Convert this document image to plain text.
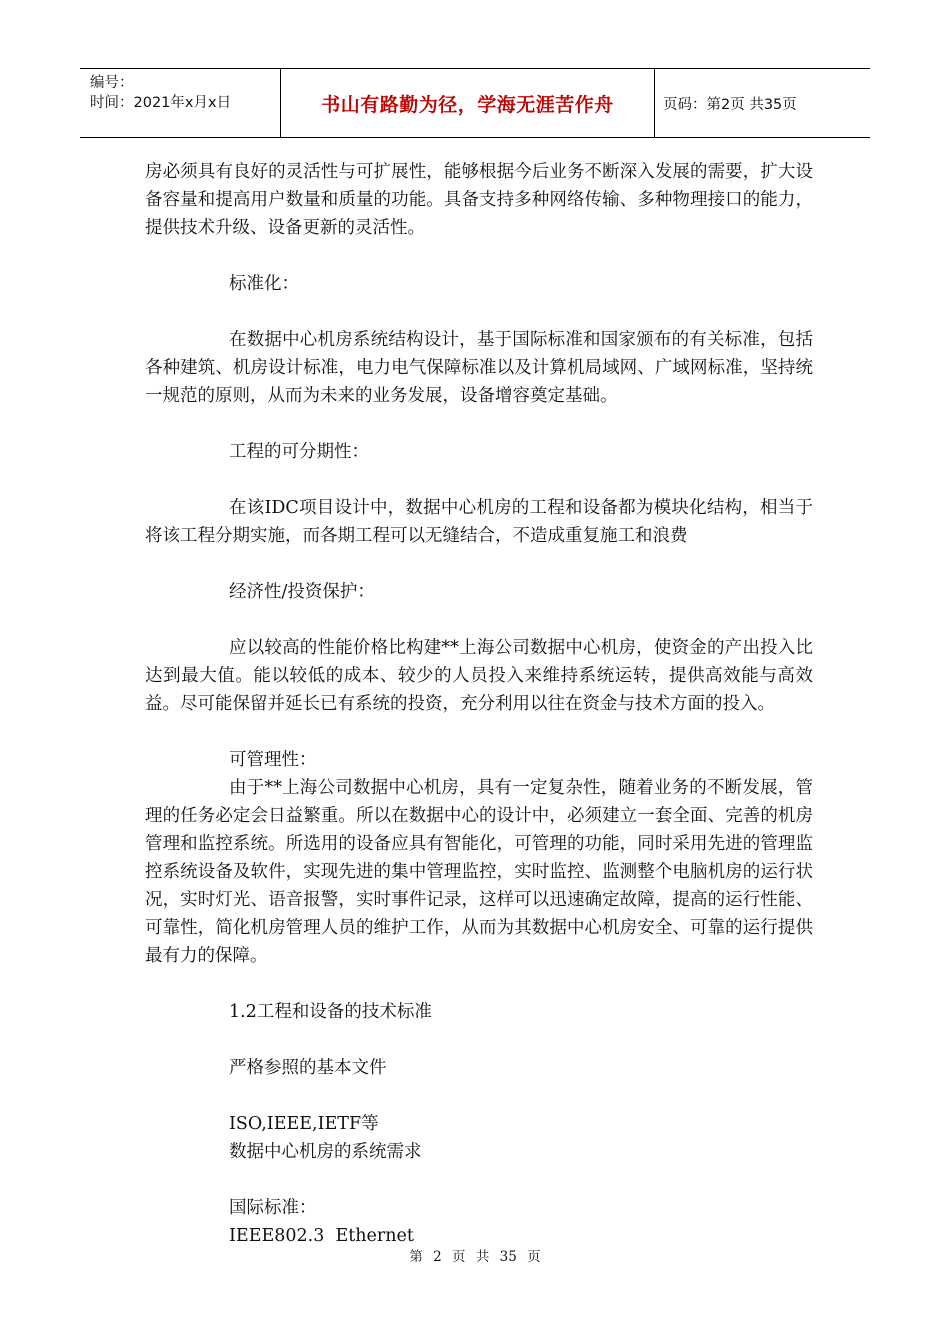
编号：
时间：2021年x月x日	书山有路勤为径，学海无涯苦作舟	页码：第2页 共35页

房必须具有良好的灵活性与可扩展性，能够根据今后业务不断深入发展的需要，扩大设备容量和提高用户数量和质量的功能。具备支持多种网络传输、多种物理接口的能力，提供技术升级、设备更新的灵活性。

标准化：

在数据中心机房系统结构设计，基于国际标准和国家颁布的有关标准，包括各种建筑、机房设计标准，电力电气保障标准以及计算机局域网、广域网标准，坚持统一规范的原则，从而为未来的业务发展，设备增容奠定基础。

工程的可分期性：

在该IDC项目设计中，数据中心机房的工程和设备都为模块化结构，相当于将该工程分期实施，而各期工程可以无缝结合，不造成重复施工和浪费

经济性/投资保护：

应以较高的性能价格比构建**上海公司数据中心机房，使资金的产出投入比达到最大值。能以较低的成本、较少的人员投入来维持系统运转，提供高效能与高效益。尽可能保留并延长已有系统的投资，充分利用以往在资金与技术方面的投入。

可管理性：

由于**上海公司数据中心机房，具有一定复杂性，随着业务的不断发展，管理的任务必定会日益繁重。所以在数据中心的设计中，必须建立一套全面、完善的机房管理和监控系统。所选用的设备应具有智能化，可管理的功能，同时采用先进的管理监控系统设备及软件，实现先进的集中管理监控，实时监控、监测整个电脑机房的运行状况，实时灯光、语音报警，实时事件记录，这样可以迅速确定故障，提高的运行性能、可靠性，简化机房管理人员的维护工作，从而为其数据中心机房安全、可靠的运行提供最有力的保障。

1.2工程和设备的技术标准

严格参照的基本文件

ISO,IEEE,IETF等

数据中心机房的系统需求

国际标准：

IEEE802.3  Ethernet

第 2 页 共 35 页
